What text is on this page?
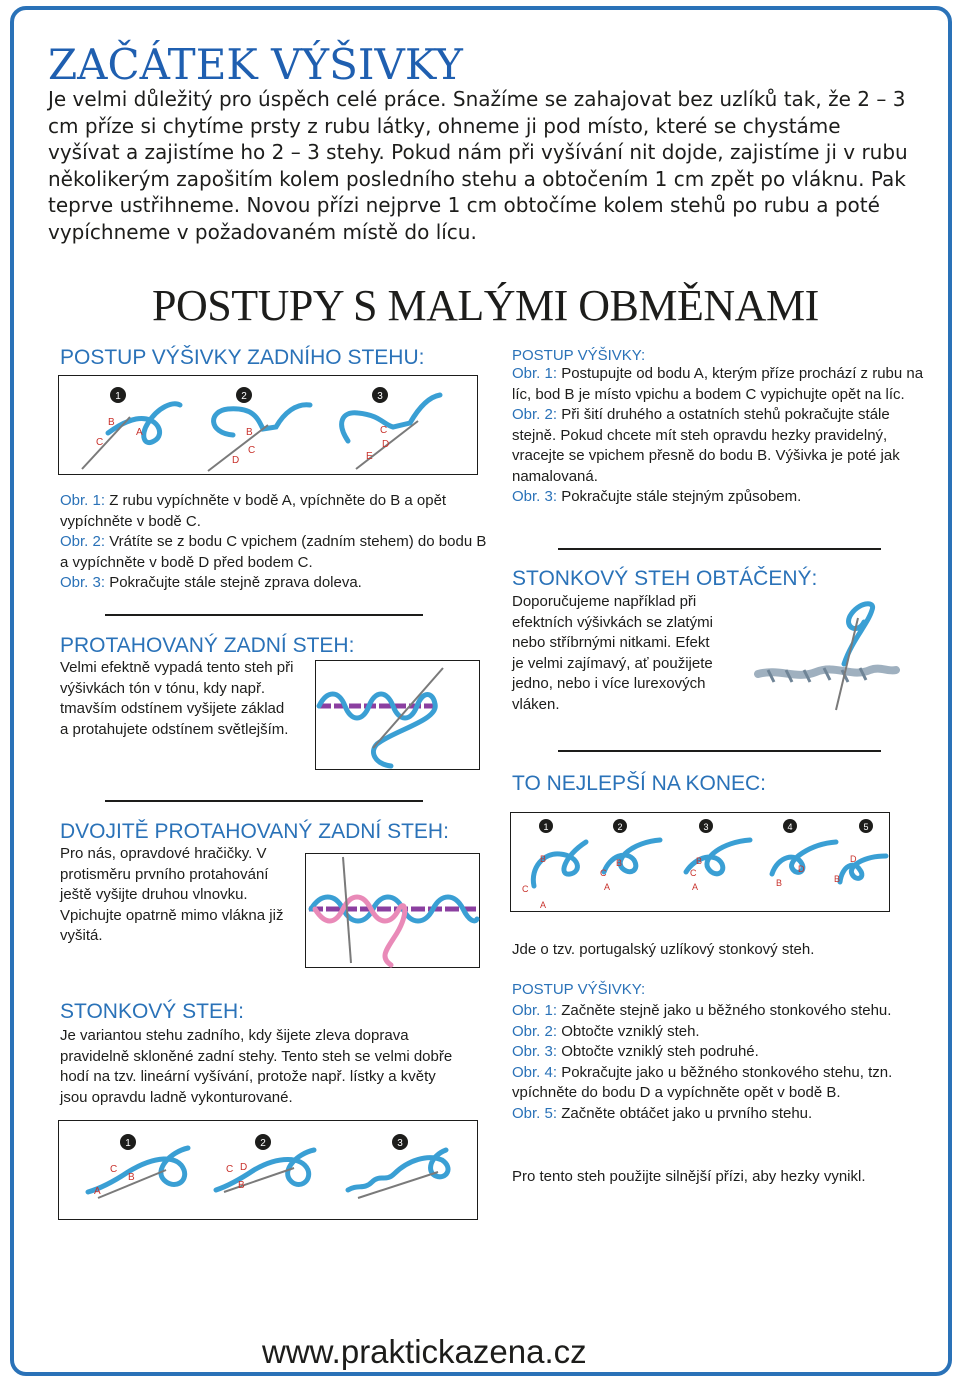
ZAČÁTEK VÝŠIVKY

Je velmi důležitý pro úspěch celé práce. Snažíme se zahajovat bez uzlíků tak, že 2 – 3 cm příze si chytíme prsty z rubu látky, ohneme ji pod místo, které se chystáme vyšívat a zajistíme ho 2 – 3 stehy. Pokud nám při vyšívání nit dojde, zajistíme ji v rubu několikerým zapošitím kolem posledního stehu a obtočením 1 cm zpět po vláknu. Pak teprve ustřihneme. Novou přízi nejprve 1 cm obtočíme kolem stehů po rubu a poté vypíchneme v požadovaném místě do lícu.

POSTUPY S MALÝMI OBMĚNAMI
POSTUP VÝŠIVKY ZADNÍHO STEHU:
1
C
B
A
2
B
C
D
3
C
D
E
Obr. 1: Z rubu vypíchněte v bodě A, vpíchněte do B a opět vypíchněte v bodě C.
Obr. 2: Vrátíte se z bodu C vpichem (zadním stehem) do bodu B a vypíchněte v bodě D před bodem C.
Obr. 3: Pokračujte stále stejně zprava doleva.
PROTAHOVANÝ ZADNÍ STEH:

Velmi efektně vypadá tento steh při výšivkách tón v tónu, kdy např. tmavším odstínem vyšijete základ a protahujete odstínem světlejším.

DVOJITĚ PROTAHOVANÝ ZADNÍ STEH:

Pro nás, opravdové hračičky. V protisměru prvního protahování ještě vyšijte druhou vlnovku. Vpichujte opatrně mimo vlákna již vyšitá.

STONKOVÝ STEH:

Je variantou stehu zadního, kdy šijete zleva doprava pravidelně skloněné zadní stehy. Tento steh se velmi dobře hodí na tzv. lineární vyšívání, protože např. lístky a květy jsou opravdu ladně vykonturované.

1
A
C
B
2
C D
B
3
POSTUP VÝŠIVKY:
Obr. 1: Postupujte od bodu A, kterým příze prochází z rubu na líc, bod B je místo vpichu a bodem C vypichujte opět na líc.
Obr. 2: Při šití druhého a ostatních stehů pokračujte stále stejně. Pokud chcete mít steh opravdu hezky pravidelný, vracejte se vpichem přesně do bodu B. Výšivka je poté jak namalovaná.
Obr. 3: Pokračujte stále stejným způsobem.
STONKOVÝ STEH OBTÁČENÝ:

Doporučujeme například při efektních výšivkách se zlatými nebo stříbrnými nitkami. Efekt je velmi zajímavý, ať použijete jedno, nebo i více lurexových vláken.

TO NEJLEPŠÍ NA KONEC:
1	2	3	4	5
B
C
A
C
A
B
C
A
B
B
D
D
B

Jde o tzv. portugalský uzlíkový stonkový steh.

POSTUP VÝŠIVKY:
Obr. 1: Začněte stejně jako u běžného stonkového stehu.
Obr. 2: Obtočte vzniklý steh.
Obr. 3: Obtočte vzniklý steh podruhé.
Obr. 4: Pokračujte jako u běžného stonkového stehu, tzn. vpíchněte do bodu D a vypíchněte opět v bodě B.
Obr. 5: Začněte obtáčet jako u prvního stehu.

Pro tento steh použijte silnější přízi, aby hezky vynikl.

www.praktickazena.cz
